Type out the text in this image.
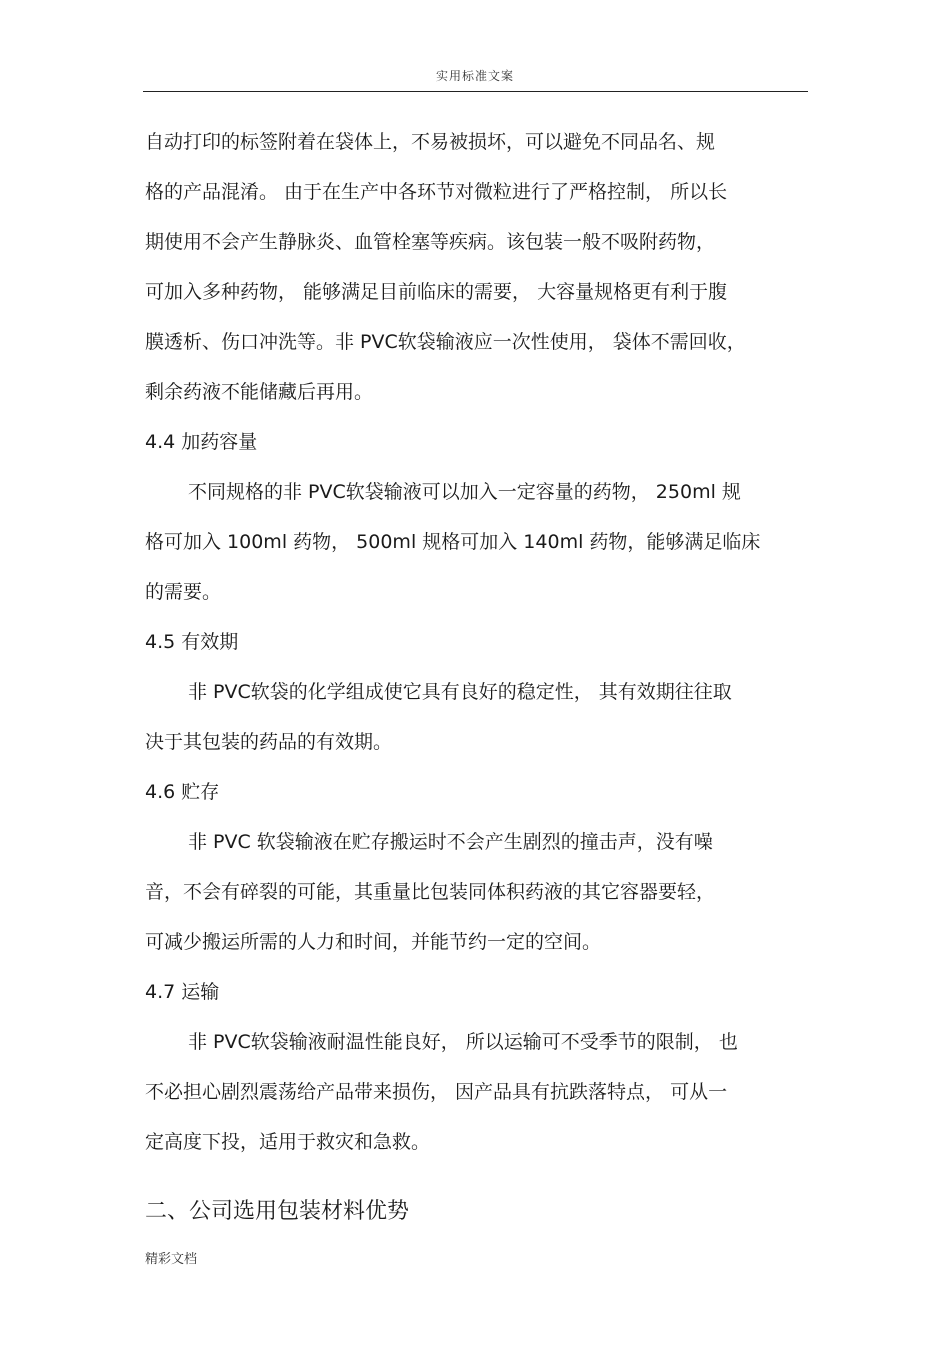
实用标准文案
自动打印的标签附着在袋体上，不易被损坏，可以避免不同品名、规
格的产品混淆。 由于在生产中各环节对微粒进行了严格控制， 所以长
期使用不会产生静脉炎、血管栓塞等疾病。该包装一般不吸附药物，
可加入多种药物， 能够满足目前临床的需要， 大容量规格更有利于腹
膜透析、伤口冲洗等。非 PVC软袋输液应一次性使用， 袋体不需回收，
剩余药液不能储藏后再用。
4.4 加药容量
不同规格的非 PVC软袋输液可以加入一定容量的药物， 250ml 规
格可加入 100ml 药物， 500ml 规格可加入 140ml 药物，能够满足临床
的需要。
4.5 有效期
非 PVC软袋的化学组成使它具有良好的稳定性， 其有效期往往取
决于其包装的药品的有效期。
4.6 贮存
非 PVC 软袋输液在贮存搬运时不会产生剧烈的撞击声，没有噪
音，不会有碎裂的可能，其重量比包装同体积药液的其它容器要轻，
可减少搬运所需的人力和时间，并能节约一定的空间。
4.7 运输
非 PVC软袋输液耐温性能良好， 所以运输可不受季节的限制， 也
不必担心剧烈震荡给产品带来损伤， 因产品具有抗跌落特点， 可从一
定高度下投，适用于救灾和急救。
二、公司选用包装材料优势
精彩文档
